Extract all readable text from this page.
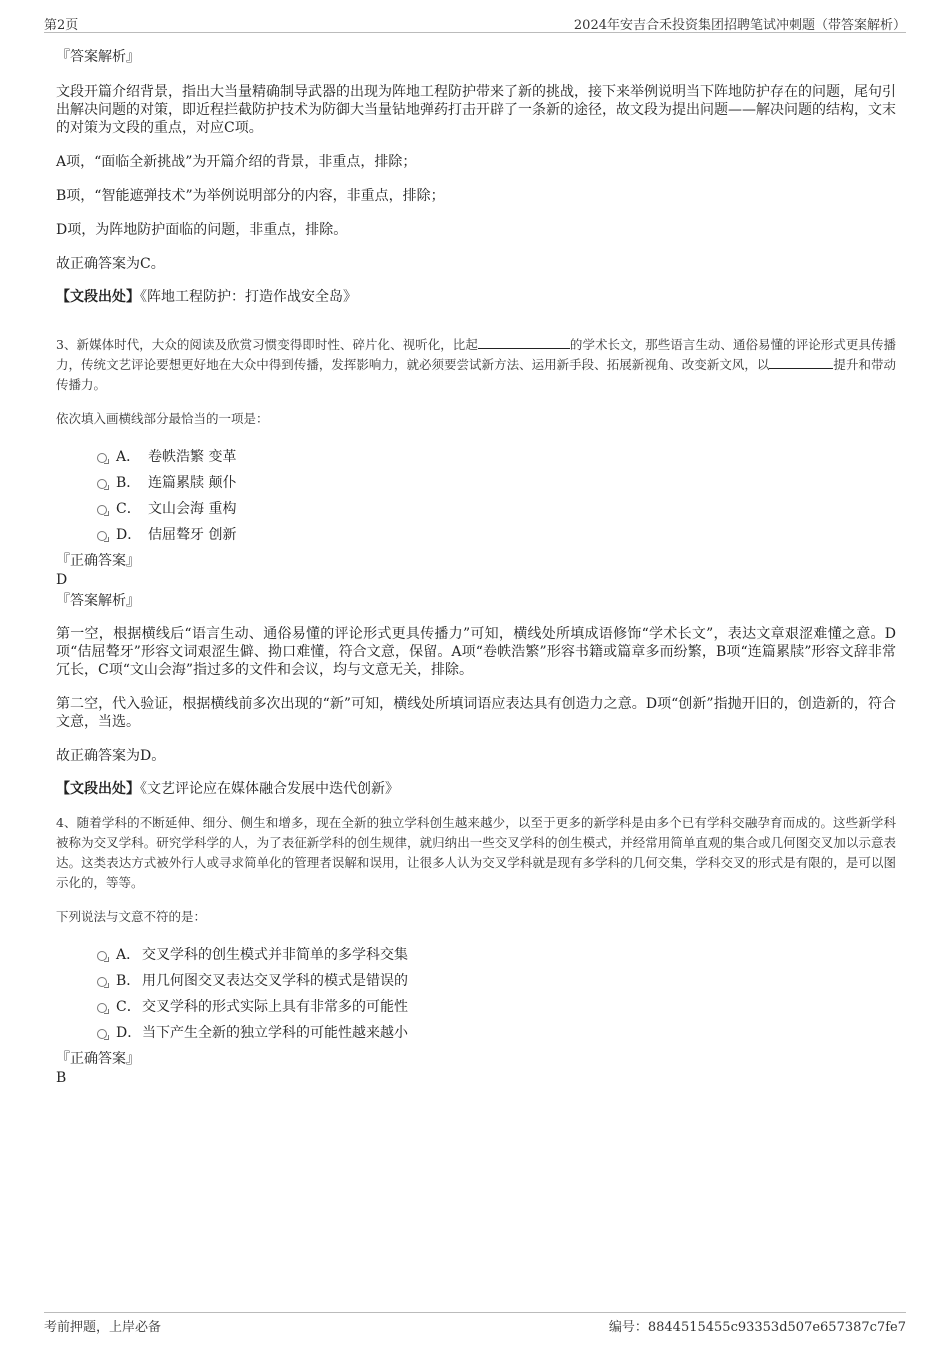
第2页	2024年安吉合禾投资集团招聘笔试冲刺题（带答案解析）

『答案解析』

文段开篇介绍背景，指出大当量精确制导武器的出现为阵地工程防护带来了新的挑战，接下来举例说明当下阵地防护存在的问题，尾句引出解决问题的对策，即近程拦截防护技术为防御大当量钻地弹药打击开辟了一条新的途径，故文段为提出问题——解决问题的结构，文末的对策为文段的重点，对应C项。

A项，“面临全新挑战”为开篇介绍的背景，非重点，排除；

B项，“智能遮弹技术”为举例说明部分的内容，非重点，排除；

D项，为阵地防护面临的问题，非重点，排除。

故正确答案为C。

【文段出处】《阵地工程防护：打造作战安全岛》

3、新媒体时代，大众的阅读及欣赏习惯变得即时性、碎片化、视听化，比起	的学术长文，那些语言生动、通俗易懂的评论形式更具传播力，传统文艺评论要想更好地在大众中得到传播，发挥影响力，就必须要尝试新方法、运用新手段、拓展新视角、改变新文风，以	提升和带动传播力。

依次填入画横线部分最恰当的一项是：

A． 卷帙浩繁 变革
B． 连篇累牍 颠仆
C． 文山会海 重构
D． 佶屈聱牙 创新

『正确答案』

D

『答案解析』

第一空，根据横线后“语言生动、通俗易懂的评论形式更具传播力”可知，横线处所填成语修饰“学术长文”，表达文章艰涩难懂之意。D项“佶屈聱牙”形容文词艰涩生僻、拗口难懂，符合文意，保留。A项“卷帙浩繁”形容书籍或篇章多而纷繁，B项“连篇累牍”形容文辞非常冗长，C项“文山会海”指过多的文件和会议，均与文意无关，排除。

第二空，代入验证，根据横线前多次出现的“新”可知，横线处所填词语应表达具有创造力之意。D项“创新”指抛开旧的，创造新的，符合文意，当选。

故正确答案为D。

【文段出处】《文艺评论应在媒体融合发展中迭代创新》

4、随着学科的不断延伸、细分、侧生和增多，现在全新的独立学科创生越来越少，以至于更多的新学科是由多个已有学科交融孕育而成的。这些新学科被称为交叉学科。研究学科学的人，为了表征新学科的创生规律，就归纳出一些交叉学科的创生模式，并经常用简单直观的集合或几何图交叉加以示意表达。这类表达方式被外行人或寻求简单化的管理者误解和误用，让很多人认为交叉学科就是现有多学科的几何交集，学科交叉的形式是有限的，是可以图示化的，等等。

下列说法与文意不符的是：

A． 交叉学科的创生模式并非简单的多学科交集
B． 用几何图交叉表达交叉学科的模式是错误的
C．交叉学科的形式实际上具有非常多的可能性
D．当下产生全新的独立学科的可能性越来越小

『正确答案』

B

考前押题，上岸必备	编号：8844515455c93353d507e657387c7fe7
